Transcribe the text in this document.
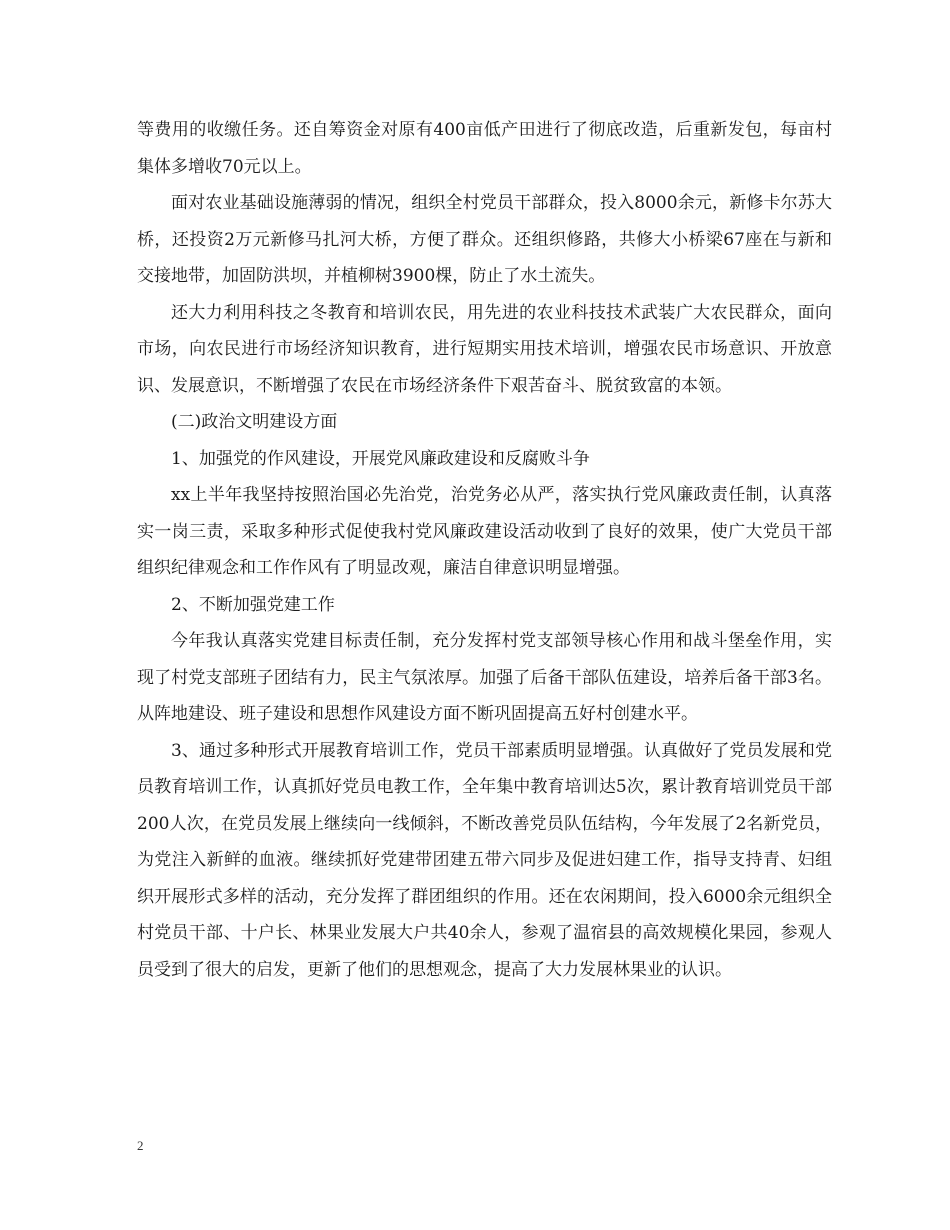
等费用的收缴任务。还自筹资金对原有400亩低产田进行了彻底改造，后重新发包，每亩村集体多增收70元以上。

面对农业基础设施薄弱的情况，组织全村党员干部群众，投入8000余元，新修卡尔苏大桥，还投资2万元新修马扎河大桥，方便了群众。还组织修路，共修大小桥梁67座在与新和交接地带，加固防洪坝，并植柳树3900棵，防止了水土流失。

还大力利用科技之冬教育和培训农民，用先进的农业科技技术武装广大农民群众，面向市场，向农民进行市场经济知识教育，进行短期实用技术培训，增强农民市场意识、开放意识、发展意识，不断增强了农民在市场经济条件下艰苦奋斗、脱贫致富的本领。

(二)政治文明建设方面

1、加强党的作风建设，开展党风廉政建设和反腐败斗争

xx上半年我坚持按照治国必先治党，治党务必从严，落实执行党风廉政责任制，认真落实一岗三责，采取多种形式促使我村党风廉政建设活动收到了良好的效果，使广大党员干部组织纪律观念和工作作风有了明显改观，廉洁自律意识明显增强。

2、不断加强党建工作

今年我认真落实党建目标责任制，充分发挥村党支部领导核心作用和战斗堡垒作用，实现了村党支部班子团结有力，民主气氛浓厚。加强了后备干部队伍建设，培养后备干部3名。从阵地建设、班子建设和思想作风建设方面不断巩固提高五好村创建水平。

3、通过多种形式开展教育培训工作，党员干部素质明显增强。认真做好了党员发展和党员教育培训工作，认真抓好党员电教工作，全年集中教育培训达5次，累计教育培训党员干部200人次，在党员发展上继续向一线倾斜，不断改善党员队伍结构，今年发展了2名新党员，为党注入新鲜的血液。继续抓好党建带团建五带六同步及促进妇建工作，指导支持青、妇组织开展形式多样的活动，充分发挥了群团组织的作用。还在农闲期间，投入6000余元组织全村党员干部、十户长、林果业发展大户共40余人，参观了温宿县的高效规模化果园，参观人员受到了很大的启发，更新了他们的思想观念，提高了大力发展林果业的认识。

2
